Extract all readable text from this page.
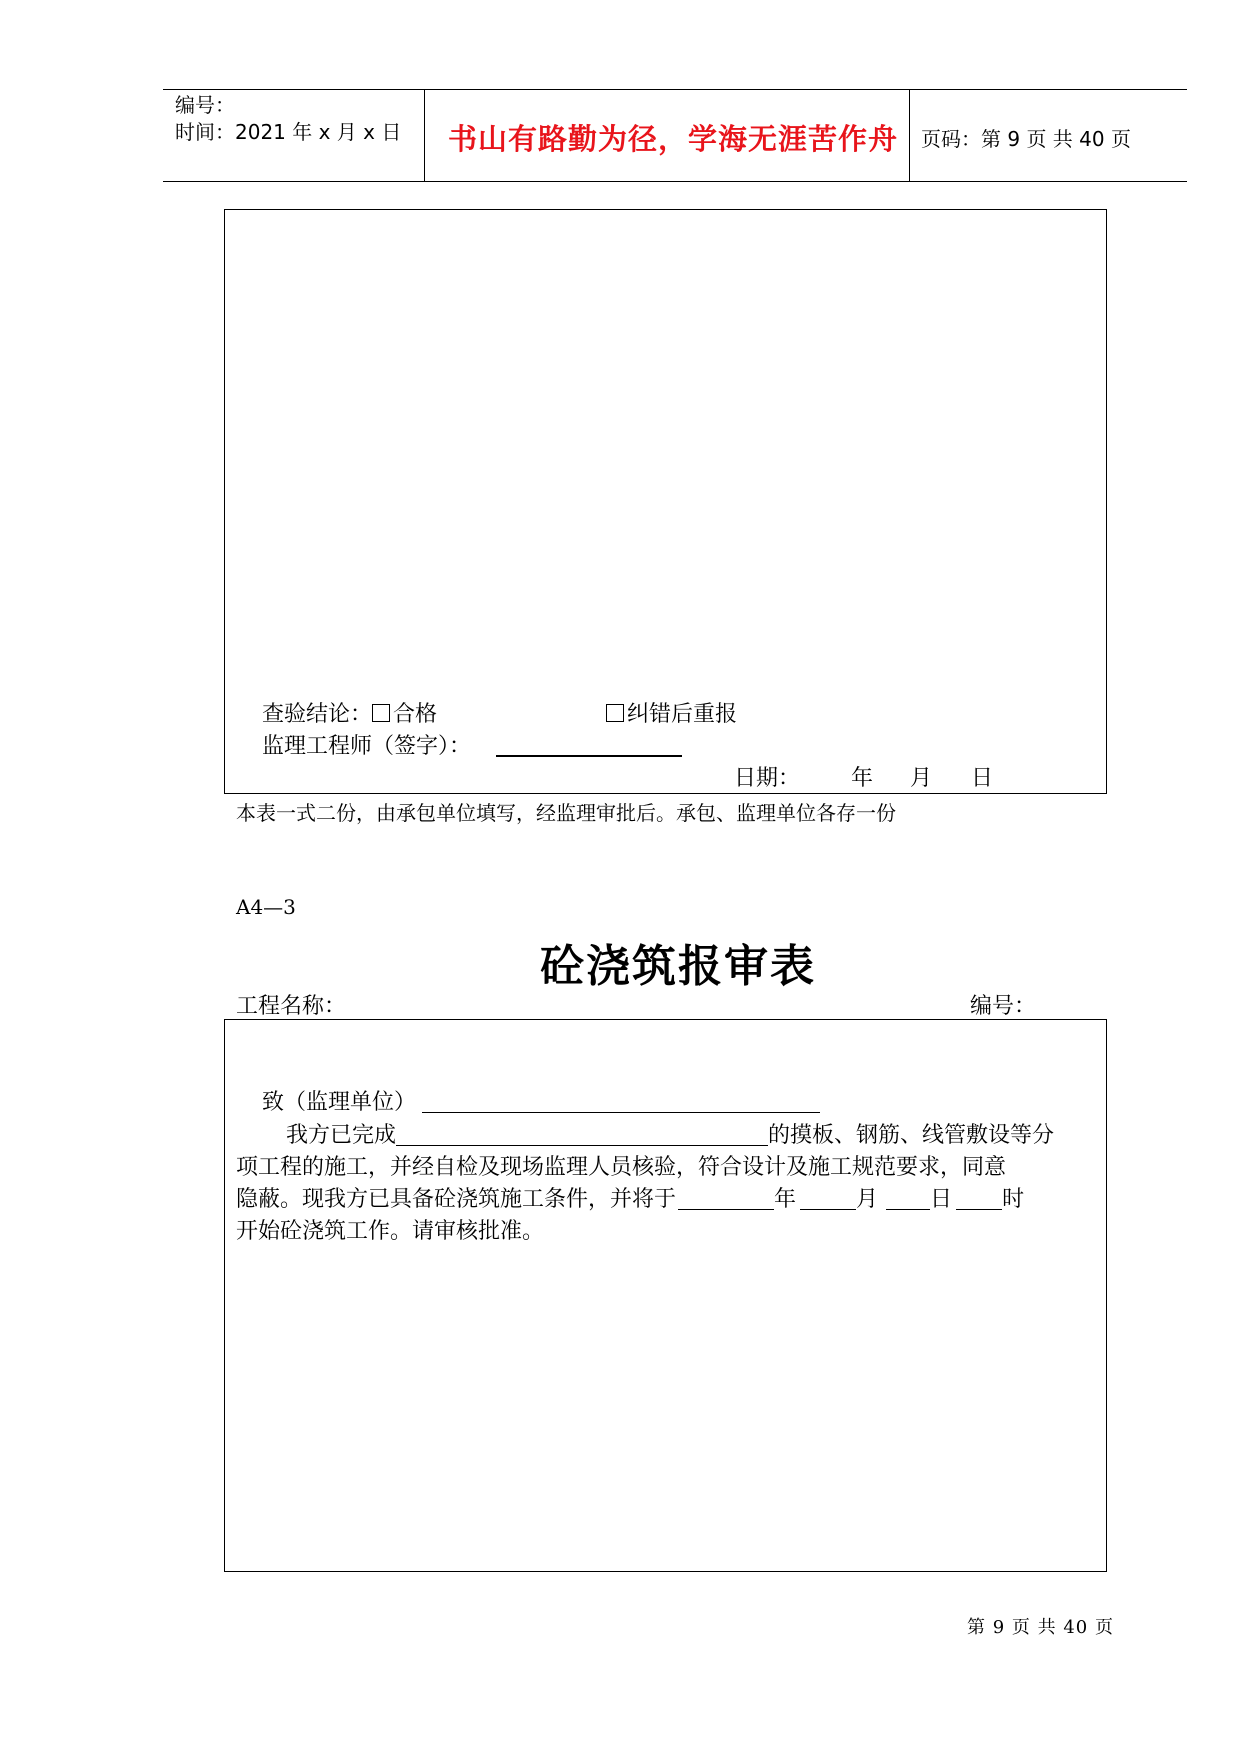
编号：
时间：2021 年 x 月 x 日 书山有路勤为径，学海无涯苦作舟 页码：第 9 页 共 40 页
查验结论： 合格	纠错后重报
监理工程师（签字）：
日期： 年 月 日
本表一式二份，由承包单位填写，经监理审批后。承包、监理单位各存一份
A4—3
砼浇筑报审表
工程名称：	编号：
致（监理单位）
我方已完成	的摸板、钢筋、线管敷设等分
项工程的施工，并经自检及现场监理人员核验，符合设计及施工规范要求，同意
隐蔽。现我方已具备砼浇筑施工条件，并将于	年	月 日 时
开始砼浇筑工作。请审核批准。
第 9 页 共 40 页
